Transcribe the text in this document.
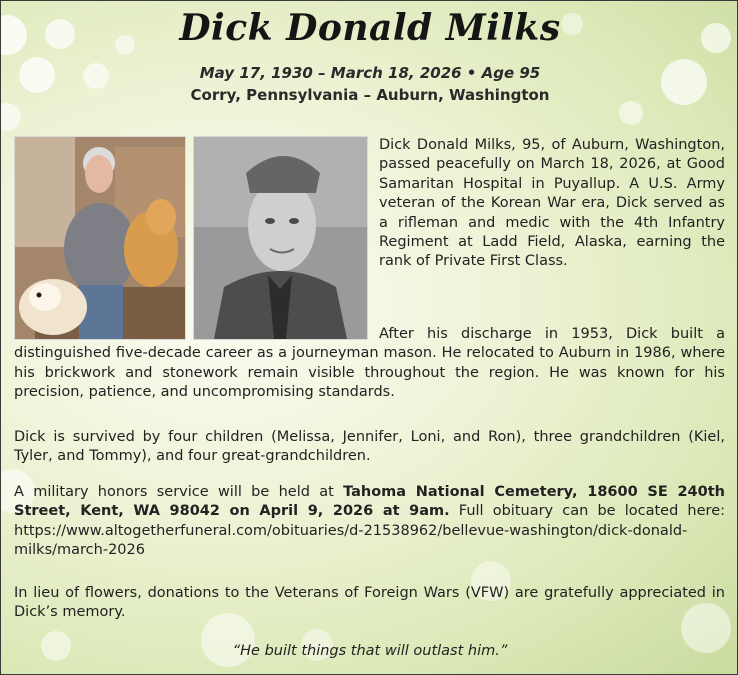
Dick Donald Milks
May 17, 1930 – March 18, 2026 • Age 95
Corry, Pennsylvania – Auburn, Washington

Dick Donald Milks, 95, of Auburn, Washington, passed peacefully on March 18, 2026, at Good Samaritan Hospital in Puyallup. A U.S. Army veteran of the Korean War era, Dick served as a rifleman and medic with the 4th Infantry Regiment at Ladd Field, Alaska, earning the rank of Private First Class.

After his discharge in 1953, Dick built a distinguished five-decade career as a journeyman mason. He relocated to Auburn in 1986, where his brickwork and stonework remain visible throughout the region. He was known for his precision, patience, and uncompromising standards.

Dick is survived by four children (Melissa, Jennifer, Loni, and Ron), three grandchildren (Kiel, Tyler, and Tommy), and four great-grandchildren.

A military honors service will be held at Tahoma National Cemetery, 18600 SE 240th Street, Kent, WA 98042 on April 9, 2026 at 9am. Full obituary can be located here: https://www.altogetherfuneral.com/obituaries/d-21538962/bellevue-washington/dick-donald-milks/march-2026

In lieu of flowers, donations to the Veterans of Foreign Wars (VFW) are gratefully appreciated in Dick’s memory.

“He built things that will outlast him.”
